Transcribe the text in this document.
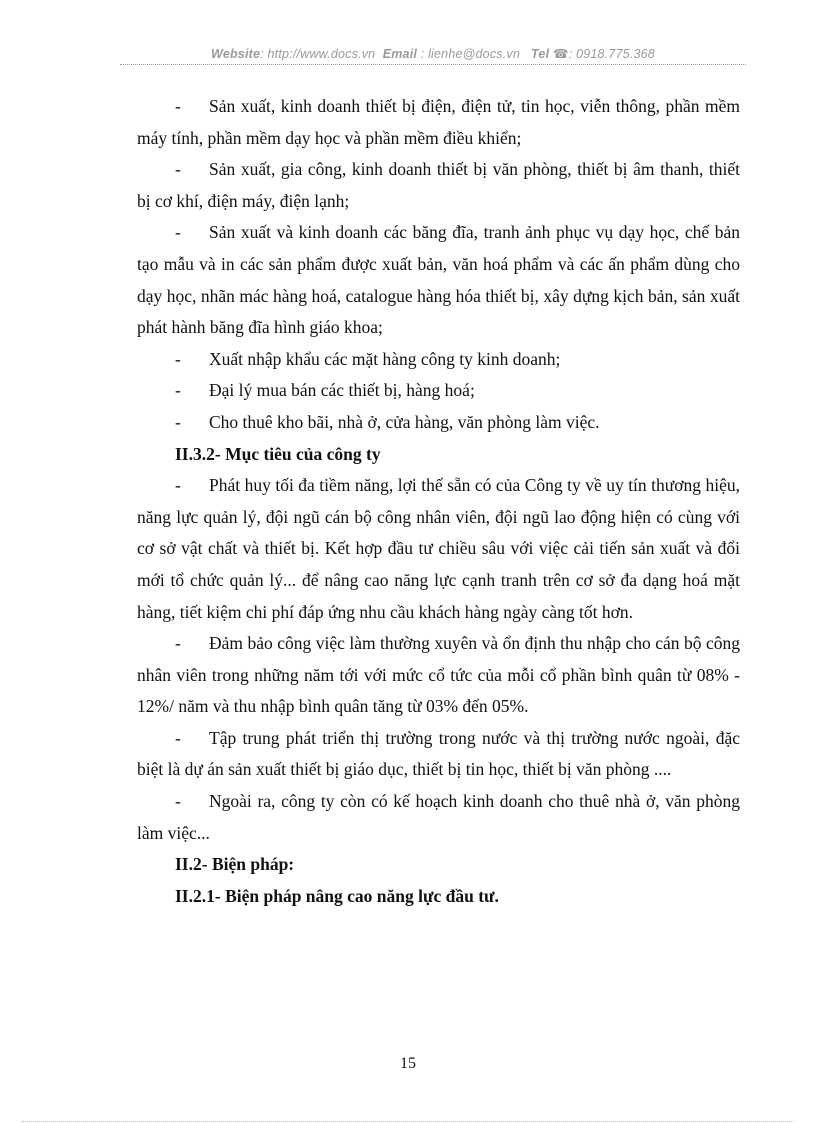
Website: http://www.docs.vn Email : lienhe@docs.vn Tel ☎: 0918.775.368

- Sản xuất, kinh doanh thiết bị điện, điện tử, tin học, viễn thông, phần mềm máy tính, phần mềm dạy học và phần mềm điều khiển;

- Sản xuất, gia công, kinh doanh thiết bị văn phòng, thiết bị âm thanh, thiết bị cơ khí, điện máy, điện lạnh;

- Sản xuất và kinh doanh các băng đĩa, tranh ảnh phục vụ dạy học, chế bản tạo mẫu và in các sản phẩm được xuất bản, văn hoá phẩm và các ấn phẩm dùng cho dạy học, nhãn mác hàng hoá, catalogue hàng hóa thiết bị, xây dựng kịch bản, sản xuất phát hành băng đĩa hình giáo khoa;

- Xuất nhập khẩu các mặt hàng công ty kinh doanh;

- Đại lý mua bán các thiết bị, hàng hoá;

- Cho thuê kho bãi, nhà ở, cửa hàng, văn phòng làm việc.

II.3.2- Mục tiêu của công ty

- Phát huy tối đa tiềm năng, lợi thế sẵn có của Công ty về uy tín thương hiệu, năng lực quản lý, đội ngũ cán bộ công nhân viên, đội ngũ lao động hiện có cùng với cơ sở vật chất và thiết bị. Kết hợp đầu tư chiều sâu với việc cải tiến sản xuất và đổi mới tổ chức quản lý... để nâng cao năng lực cạnh tranh trên cơ sở đa dạng hoá mặt hàng, tiết kiệm chi phí đáp ứng nhu cầu khách hàng ngày càng tốt hơn.

- Đảm bảo công việc làm thường xuyên và ổn định thu nhập cho cán bộ công nhân viên trong những năm tới với mức cổ tức của mỗi cổ phần bình quân từ 08% - 12%/ năm và thu nhập bình quân tăng từ 03% đến 05%.

- Tập trung phát triển thị trường trong nước và thị trường nước ngoài, đặc biệt là dự án sản xuất thiết bị giáo dục, thiết bị tin học, thiết bị văn phòng ....

- Ngoài ra, công ty còn có kế hoạch kinh doanh cho thuê nhà ở, văn phòng làm việc...

II.2- Biện pháp:

II.2.1- Biện pháp nâng cao năng lực đầu tư.

15
